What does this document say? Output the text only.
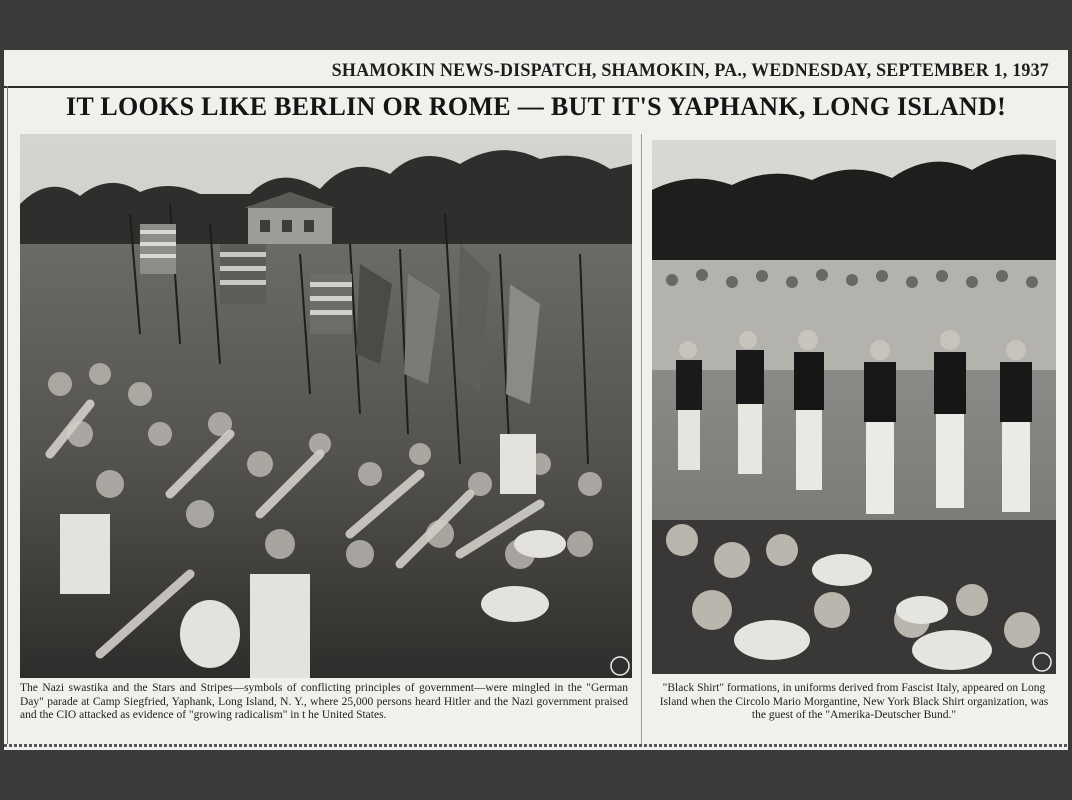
SHAMOKIN NEWS-DISPATCH, SHAMOKIN, PA., WEDNESDAY, SEPTEMBER 1, 1937
IT LOOKS LIKE BERLIN OR ROME — BUT IT'S YAPHANK, LONG ISLAND!
The Nazi swastika and the Stars and Stripes—symbols of conflicting principles of government—were mingled in the "German Day" parade at Camp Siegfried, Yaphank, Long Island, N. Y., where 25,000 persons heard Hitler and the Nazi government praised and the CIO attacked as evidence of "growing radicalism" in t he United States.
"Black Shirt" formations, in uniforms derived from Fascist Italy, appeared on Long Island when the Circolo Mario Morgantine, New York Black Shirt organization, was the guest of the "Amerika-Deutscher Bund."
